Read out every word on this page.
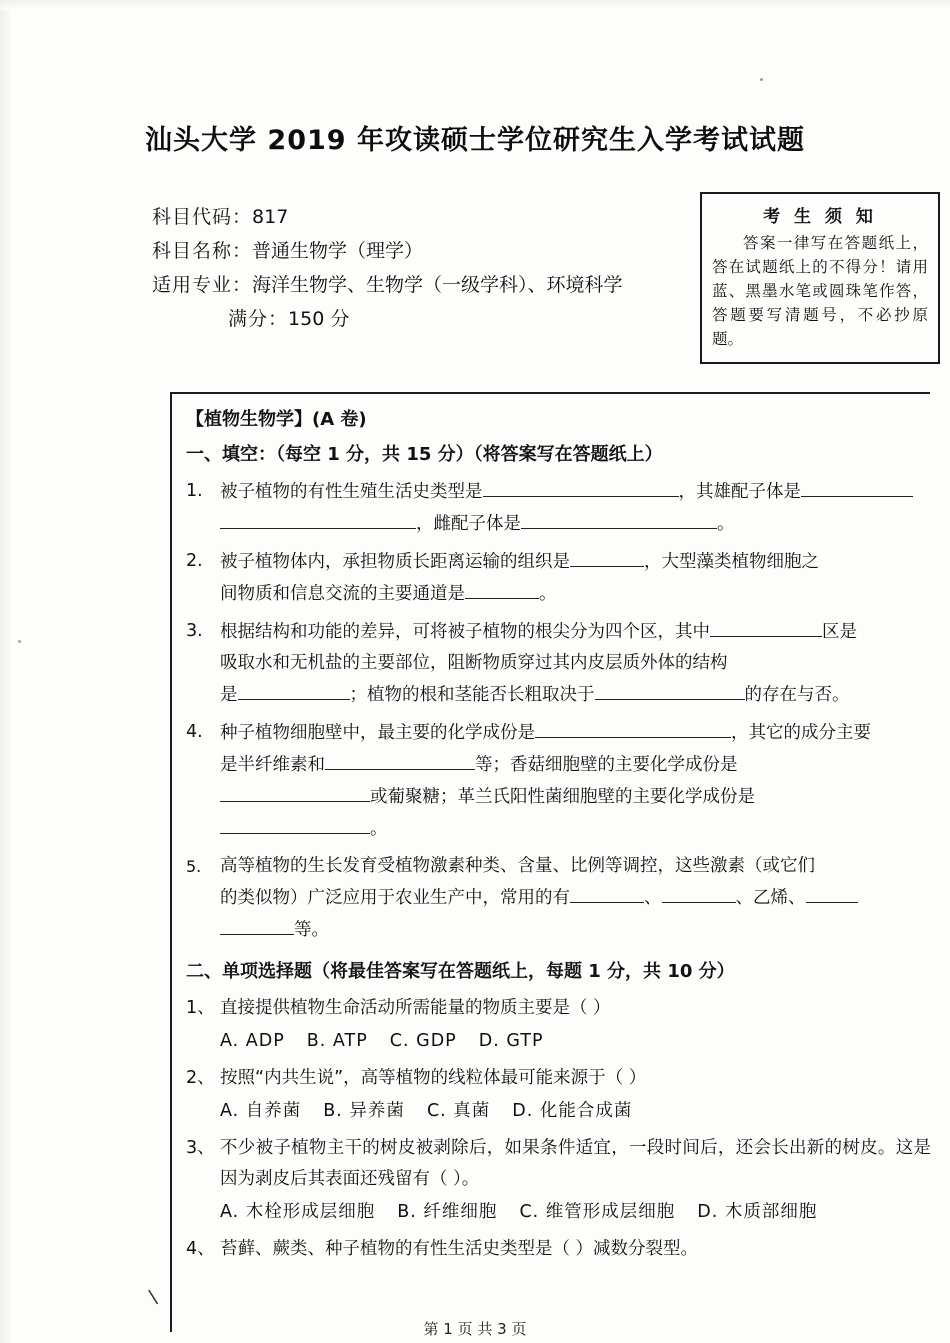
汕头大学 2019 年攻读硕士学位研究生入学考试试题
科目代码：817
科目名称：普通生物学（理学）
适用专业：海洋生物学、生物学（一级学科）、环境科学
满分：150 分
考 生 须 知
答案一律写在答题纸上，答在试题纸上的不得分！请用蓝、黑墨水笔或圆珠笔作答，答题要写清题号，不必抄原题。
【植物生物学】(A 卷)
一、填空：（每空 1 分，共 15 分）（将答案写在答题纸上）
1. 被子植物的有性生殖生活史类型是	，其雄配子体是
，雌配子体是	。
2. 被子植物体内，承担物质长距离运输的组织是	，大型藻类植物细胞之
间物质和信息交流的主要通道是	。
3. 根据结构和功能的差异，可将被子植物的根尖分为四个区，其中	区是
吸取水和无机盐的主要部位，阻断物质穿过其内皮层质外体的结构
是	；植物的根和茎能否长粗取决于	的存在与否。
4. 种子植物细胞壁中，最主要的化学成份是	，其它的成分主要
是半纤维素和	等；香菇细胞壁的主要化学成份是
或葡聚糖；革兰氏阳性菌细胞壁的主要化学成份是
。
5.	高等植物的生长发育受植物激素种类、含量、比例等调控，这些激素（或它们
的类似物）广泛应用于农业生产中，常用的有	、	、乙烯、
等。
二、单项选择题（将最佳答案写在答题纸上，每题 1 分，共 10 分）
1、 直接提供植物生命活动所需能量的物质主要是（ ）
A. ADP B. ATP C. GDP D. GTP
2、 按照“内共生说”，高等植物的线粒体最可能来源于（ ）
A. 自养菌 B. 异养菌 C. 真菌 D. 化能合成菌
3、 不少被子植物主干的树皮被剥除后，如果条件适宜，一段时间后，还会长出新的树皮。这是因为剥皮后其表面还残留有（ ）。
A. 木栓形成层细胞 B. 纤维细胞 C. 维管形成层细胞 D. 木质部细胞
4、 苔藓、蕨类、种子植物的有性生活史类型是（ ）减数分裂型。
\
第 1 页 共 3 页
